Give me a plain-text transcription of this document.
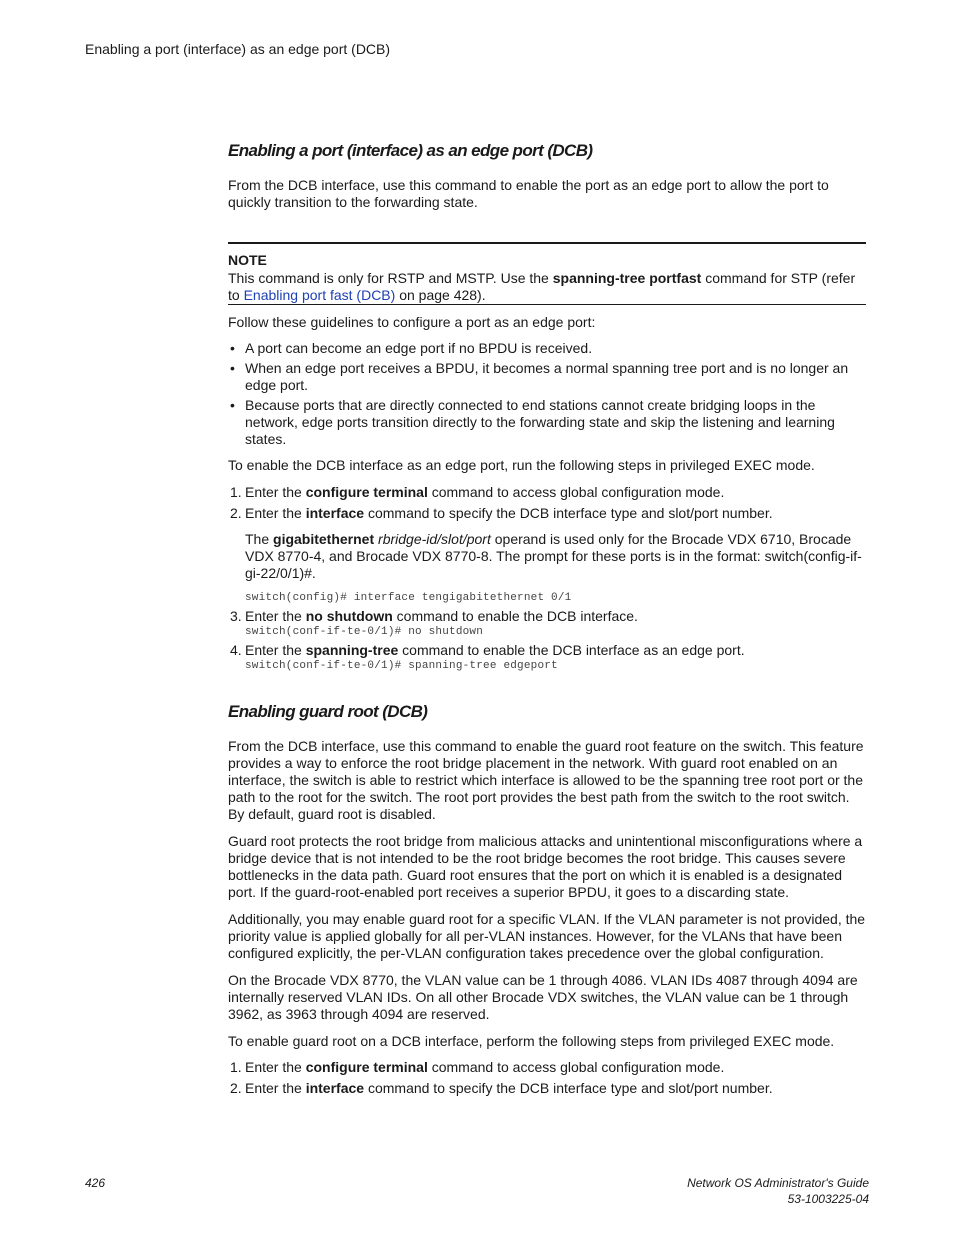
Enabling a port (interface) as an edge port (DCB)
Enabling a port (interface) as an edge port (DCB)
From the DCB interface, use this command to enable the port as an edge port to allow the port to quickly transition to the forwarding state.
NOTE
This command is only for RSTP and MSTP. Use the spanning-tree portfast command for STP (refer to Enabling port fast (DCB) on page 428).
Follow these guidelines to configure a port as an edge port:
• A port can become an edge port if no BPDU is received.
• When an edge port receives a BPDU, it becomes a normal spanning tree port and is no longer an edge port.
• Because ports that are directly connected to end stations cannot create bridging loops in the network, edge ports transition directly to the forwarding state and skip the listening and learning states.
To enable the DCB interface as an edge port, run the following steps in privileged EXEC mode.
1. Enter the configure terminal command to access global configuration mode.
2. Enter the interface command to specify the DCB interface type and slot/port number.
The gigabitethernet rbridge-id/slot/port operand is used only for the Brocade VDX 6710, Brocade VDX 8770-4, and Brocade VDX 8770-8. The prompt for these ports is in the format: switch(config-if-gi-22/0/1)#.
switch(config)# interface tengigabitethernet 0/1
3. Enter the no shutdown command to enable the DCB interface.
switch(conf-if-te-0/1)# no shutdown
4. Enter the spanning-tree command to enable the DCB interface as an edge port.
switch(conf-if-te-0/1)# spanning-tree edgeport
Enabling guard root (DCB)
From the DCB interface, use this command to enable the guard root feature on the switch. This feature provides a way to enforce the root bridge placement in the network. With guard root enabled on an interface, the switch is able to restrict which interface is allowed to be the spanning tree root port or the path to the root for the switch. The root port provides the best path from the switch to the root switch. By default, guard root is disabled.
Guard root protects the root bridge from malicious attacks and unintentional misconfigurations where a bridge device that is not intended to be the root bridge becomes the root bridge. This causes severe bottlenecks in the data path. Guard root ensures that the port on which it is enabled is a designated port. If the guard-root-enabled port receives a superior BPDU, it goes to a discarding state.
Additionally, you may enable guard root for a specific VLAN. If the VLAN parameter is not provided, the priority value is applied globally for all per-VLAN instances. However, for the VLANs that have been configured explicitly, the per-VLAN configuration takes precedence over the global configuration.
On the Brocade VDX 8770, the VLAN value can be 1 through 4086. VLAN IDs 4087 through 4094 are internally reserved VLAN IDs. On all other Brocade VDX switches, the VLAN value can be 1 through 3962, as 3963 through 4094 are reserved.
To enable guard root on a DCB interface, perform the following steps from privileged EXEC mode.
1. Enter the configure terminal command to access global configuration mode.
2. Enter the interface command to specify the DCB interface type and slot/port number.
426	Network OS Administrator's Guide
53-1003225-04
